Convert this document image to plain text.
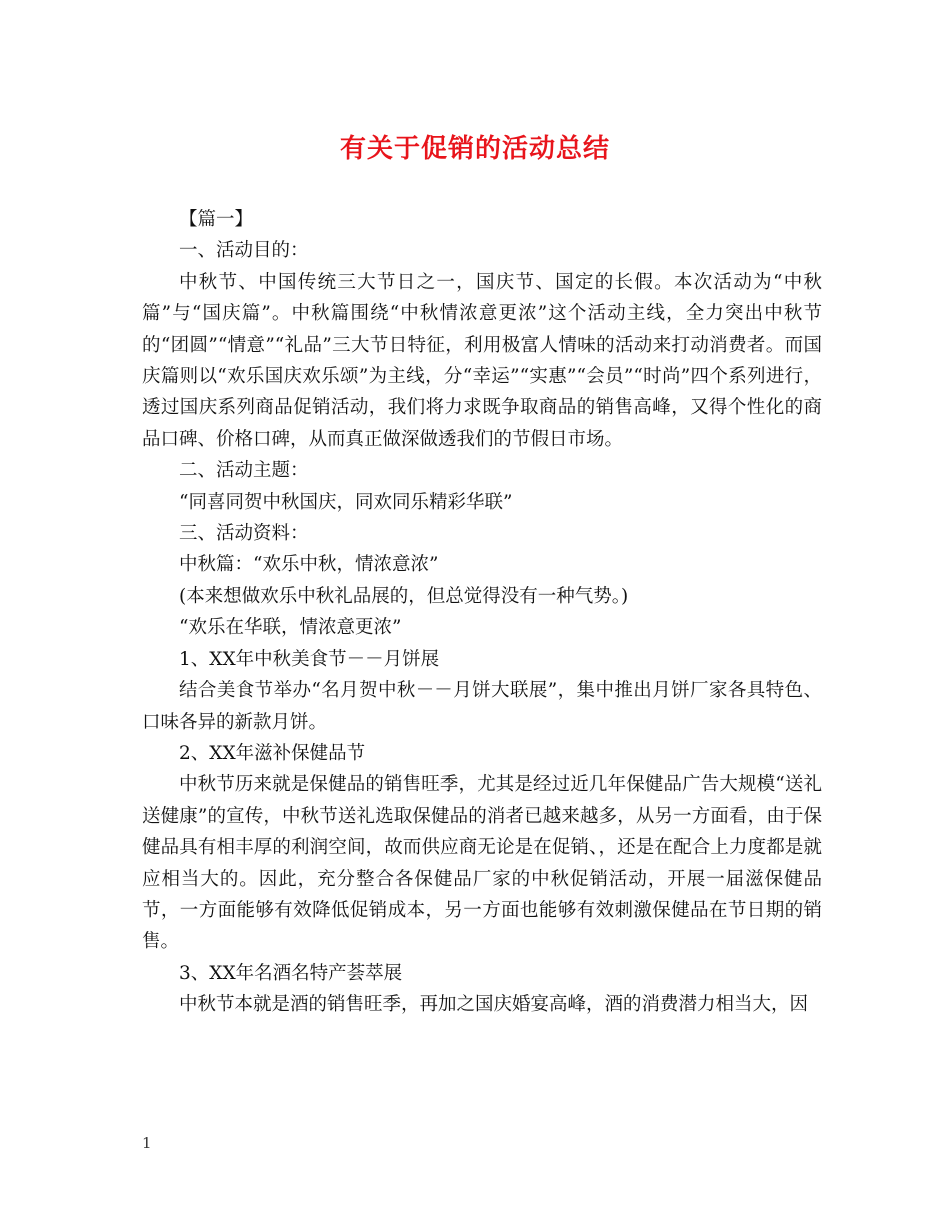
有关于促销的活动总结

【篇一】

一、活动目的：

中秋节、中国传统三大节日之一，国庆节、国定的长假。本次活动为“中秋篇”与“国庆篇”。中秋篇围绕“中秋情浓意更浓”这个活动主线，全力突出中秋节的“团圆”“情意”“礼品”三大节日特征，利用极富人情味的活动来打动消费者。而国庆篇则以“欢乐国庆欢乐颂”为主线，分“幸运”“实惠”“会员”“时尚”四个系列进行，透过国庆系列商品促销活动，我们将力求既争取商品的销售高峰，又得个性化的商品口碑、价格口碑，从而真正做深做透我们的节假日市场。

二、活动主题：

“同喜同贺中秋国庆，同欢同乐精彩华联”

三、活动资料：

中秋篇：“欢乐中秋，情浓意浓”

(本来想做欢乐中秋礼品展的，但总觉得没有一种气势。)

“欢乐在华联，情浓意更浓”

1、XX年中秋美食节－－月饼展

结合美食节举办“名月贺中秋－－月饼大联展”，集中推出月饼厂家各具特色、口味各异的新款月饼。

2、XX年滋补保健品节

中秋节历来就是保健品的销售旺季，尤其是经过近几年保健品广告大规模“送礼送健康”的宣传，中秋节送礼选取保健品的消者已越来越多，从另一方面看，由于保健品具有相丰厚的利润空间，故而供应商无论是在促销、，还是在配合上力度都是就应相当大的。因此，充分整合各保健品厂家的中秋促销活动，开展一届滋保健品节，一方面能够有效降低促销成本，另一方面也能够有效刺激保健品在节日期的销售。

3、XX年名酒名特产荟萃展

中秋节本就是酒的销售旺季，再加之国庆婚宴高峰，酒的消费潜力相当大，因

1
